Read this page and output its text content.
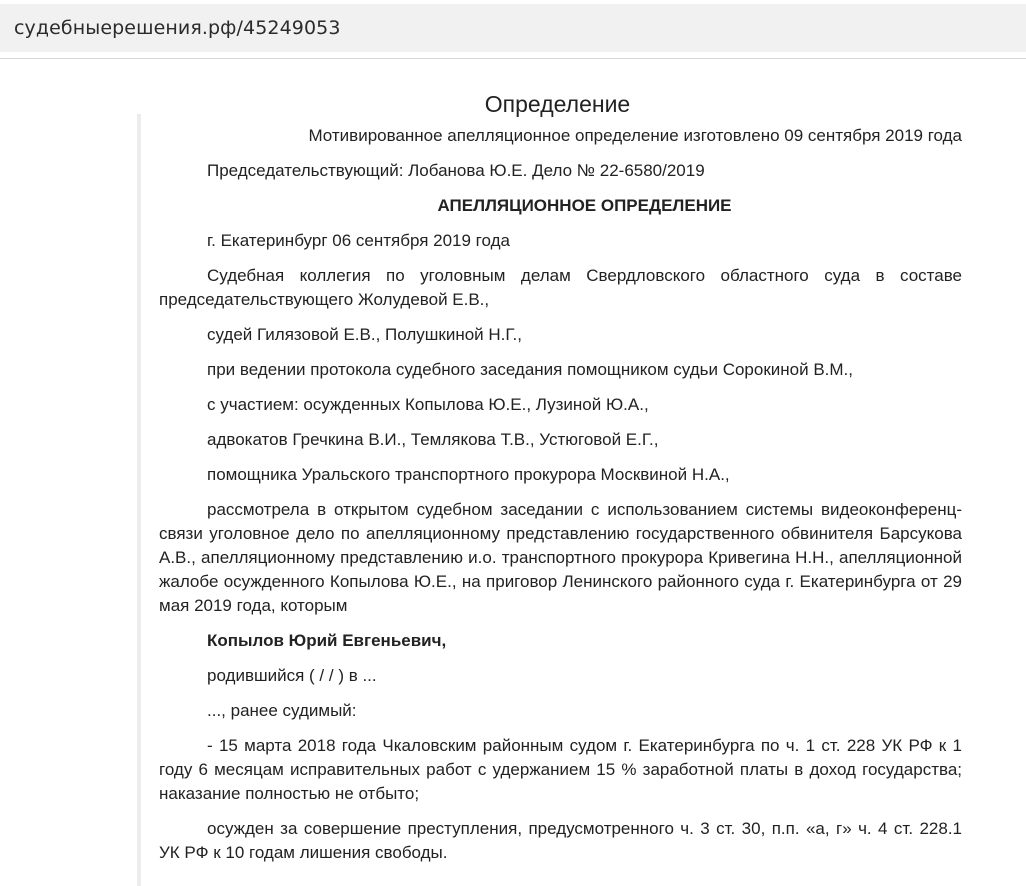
судебныерешения.рф/45249053
Определение

Мотивированное апелляционное определение изготовлено 09 сентября 2019 года

Председательствующий: Лобанова Ю.Е. Дело № 22-6580/2019

АПЕЛЛЯЦИОННОЕ ОПРЕДЕЛЕНИЕ

г. Екатеринбург 06 сентября 2019 года

Судебная коллегия по уголовным делам Свердловского областного суда в составе председательствующего Жолудевой Е.В.,

судей Гилязовой Е.В., Полушкиной Н.Г.,

при ведении протокола судебного заседания помощником судьи Сорокиной В.М.,

с участием: осужденных Копылова Ю.Е., Лузиной Ю.А.,

адвокатов Гречкина В.И., Темлякова Т.В., Устюговой Е.Г.,

помощника Уральского транспортного прокурора Москвиной Н.А.,

рассмотрела в открытом судебном заседании с использованием системы видеоконференц-связи уголовное дело по апелляционному представлению государственного обвинителя Барсукова А.В., апелляционному представлению и.о. транспортного прокурора Кривегина Н.Н., апелляционной жалобе осужденного Копылова Ю.Е., на приговор Ленинского районного суда г. Екатеринбурга от 29 мая 2019 года, которым

Копылов Юрий Евгеньевич,

родившийся ( / / ) в ...

..., ранее судимый:

- 15 марта 2018 года Чкаловским районным судом г. Екатеринбурга по ч. 1 ст. 228 УК РФ к 1 году 6 месяцам исправительных работ с удержанием 15 % заработной платы в доход государства; наказание полностью не отбыто;

осужден за совершение преступления, предусмотренного ч. 3 ст. 30, п.п. «а, г» ч. 4 ст. 228.1 УК РФ к 10 годам лишения свободы.
